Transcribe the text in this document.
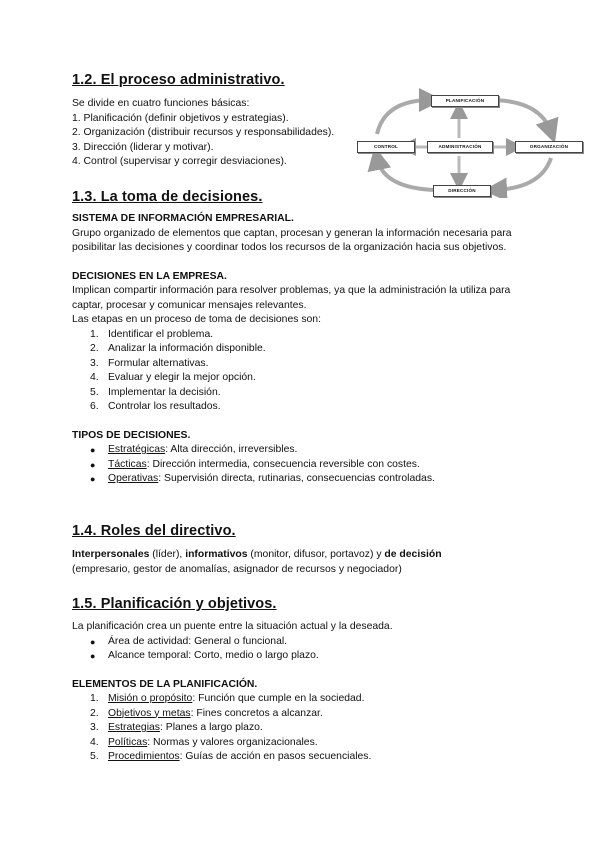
1.2. El proceso administrativo.

Se divide en cuatro funciones básicas:

1. Planificación (definir objetivos y estrategias).

2. Organización (distribuir recursos y responsabilidades).

3. Dirección (liderar y motivar).

4. Control (supervisar y corregir desviaciones).

PLANIFICACIÓN
ORGANIZACIÓN
DIRECCIÓN
CONTROL	ADMINISTRACIÓN
1.3. La toma de decisiones.

SISTEMA DE INFORMACIÓN EMPRESARIAL.

Grupo organizado de elementos que captan, procesan y generan la información necesaria para posibilitar las decisiones y coordinar todos los recursos de la organización hacia sus objetivos.

DECISIONES EN LA EMPRESA.

Implican compartir información para resolver problemas, ya que la administración la utiliza para captar, procesar y comunicar mensajes relevantes.

Las etapas en un proceso de toma de decisiones son:

1. Identificar el problema.
2. Analizar la información disponible.
3. Formular alternativas.
4. Evaluar y elegir la mejor opción.
5. Implementar la decisión.
6. Controlar los resultados.

TIPOS DE DECISIONES.

● Estratégicas: Alta dirección, irreversibles.
● Tácticas: Dirección intermedia, consecuencia reversible con costes.
● Operativas: Supervisión directa, rutinarias, consecuencias controladas.
1.4. Roles del directivo.

Interpersonales (líder), informativos (monitor, difusor, portavoz) y de decisión

(empresario, gestor de anomalías, asignador de recursos y negociador)

1.5. Planificación y objetivos.

La planificación crea un puente entre la situación actual y la deseada.

● Área de actividad: General o funcional.
● Alcance temporal: Corto, medio o largo plazo.

ELEMENTOS DE LA PLANIFICACIÓN.

1. Misión o propósito: Función que cumple en la sociedad.
2. Objetivos y metas: Fines concretos a alcanzar.
3. Estrategias: Planes a largo plazo.
4. Políticas: Normas y valores organizacionales.
5. Procedimientos: Guías de acción en pasos secuenciales.
